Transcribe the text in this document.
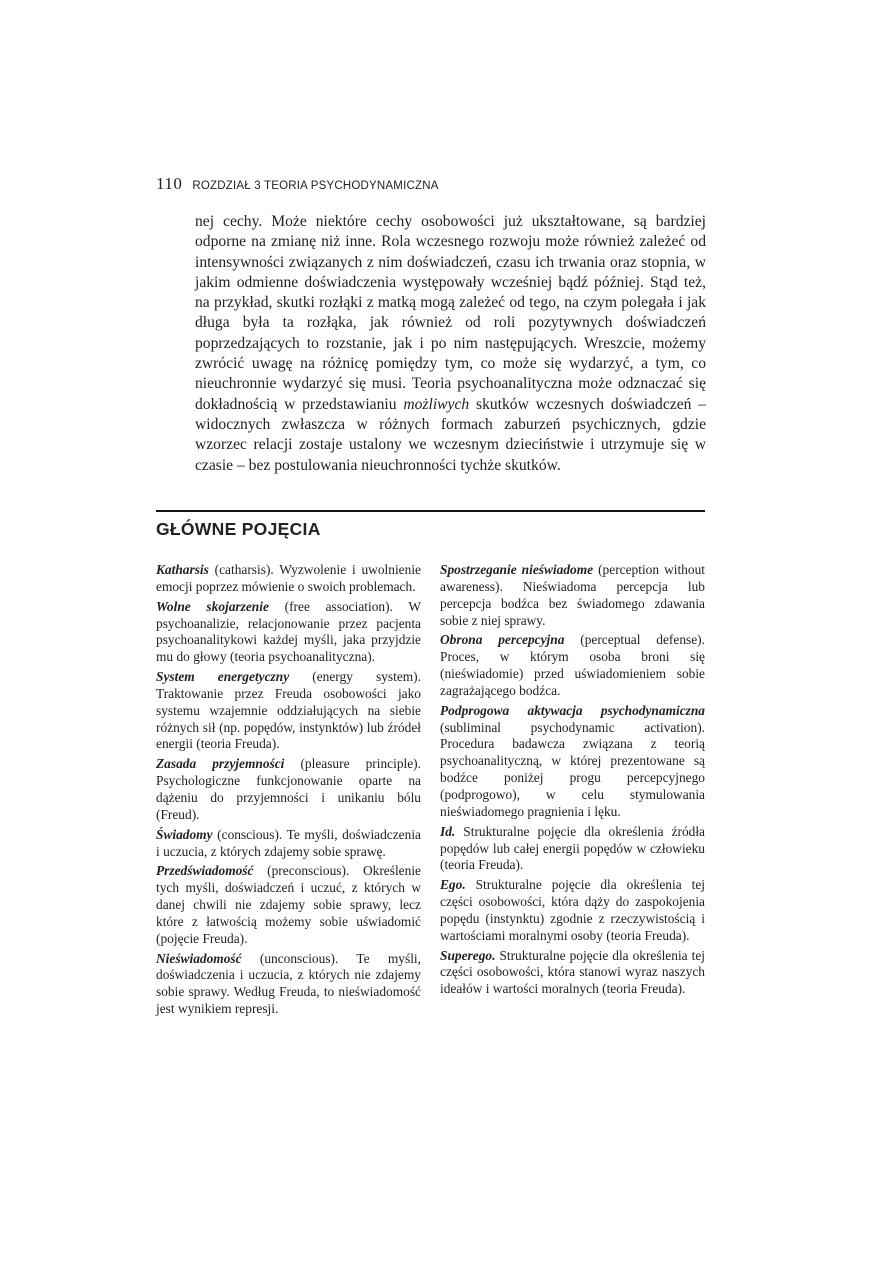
110 ROZDZIAŁ 3 TEORIA PSYCHODYNAMICZNA

nej cechy. Może niektóre cechy osobowości już ukształtowane, są bardziej odporne na zmianę niż inne. Rola wczesnego rozwoju może również zależeć od intensywności związanych z nim doświadczeń, czasu ich trwania oraz stopnia, w jakim odmienne doświadczenia występowały wcześniej bądź później. Stąd też, na przykład, skutki rozłąki z matką mogą zależeć od tego, na czym polegała i jak długa była ta rozłąka, jak również od roli pozytywnych doświadczeń poprzedzających to rozstanie, jak i po nim następujących. Wreszcie, możemy zwrócić uwagę na różnicę pomiędzy tym, co może się wydarzyć, a tym, co nieuchronnie wydarzyć się musi. Teoria psychoanalityczna może odznaczać się dokładnością w przedstawianiu możliwych skutków wczesnych doświadczeń – widocznych zwłaszcza w różnych formach zaburzeń psychicznych, gdzie wzorzec relacji zostaje ustalony we wczesnym dzieciństwie i utrzymuje się w czasie – bez postulowania nieuchronności tychże skutków.

GŁÓWNE POJĘCIA

Katharsis (catharsis). Wyzwolenie i uwolnienie emocji poprzez mówienie o swoich problemach.

Wolne skojarzenie (free association). W psychoanalizie, relacjonowanie przez pacjenta psychoanalitykowi każdej myśli, jaka przyjdzie mu do głowy (teoria psychoanalityczna).

System energetyczny (energy system). Traktowanie przez Freuda osobowości jako systemu wzajemnie oddziałujących na siebie różnych sił (np. popędów, instynktów) lub źródeł energii (teoria Freuda).

Zasada przyjemności (pleasure principle). Psychologiczne funkcjonowanie oparte na dążeniu do przyjemności i unikaniu bólu (Freud).

Świadomy (conscious). Te myśli, doświadczenia i uczucia, z których zdajemy sobie sprawę.

Przedświadomość (preconscious). Określenie tych myśli, doświadczeń i uczuć, z których w danej chwili nie zdajemy sobie sprawy, lecz które z łatwością możemy sobie uświadomić (pojęcie Freuda).

Nieświadomość (unconscious). Te myśli, doświadczenia i uczucia, z których nie zdajemy sobie sprawy. Według Freuda, to nieświadomość jest wynikiem represji.

Spostrzeganie nieświadome (perception without awareness). Nieświadoma percepcja lub percepcja bodźca bez świadomego zdawania sobie z niej sprawy.

Obrona percepcyjna (perceptual defense). Proces, w którym osoba broni się (nieświadomie) przed uświadomieniem sobie zagrażającego bodźca.

Podprogowa aktywacja psychodynamiczna (subliminal psychodynamic activation). Procedura badawcza związana z teorią psychoanalityczną, w której prezentowane są bodźce poniżej progu percepcyjnego (podprogowo), w celu stymulowania nieświadomego pragnienia i lęku.

Id. Strukturalne pojęcie dla określenia źródła popędów lub całej energii popędów w człowieku (teoria Freuda).

Ego. Strukturalne pojęcie dla określenia tej części osobowości, która dąży do zaspokojenia popędu (instynktu) zgodnie z rzeczywistością i wartościami moralnymi osoby (teoria Freuda).

Superego. Strukturalne pojęcie dla określenia tej części osobowości, która stanowi wyraz naszych ideałów i wartości moralnych (teoria Freuda).
